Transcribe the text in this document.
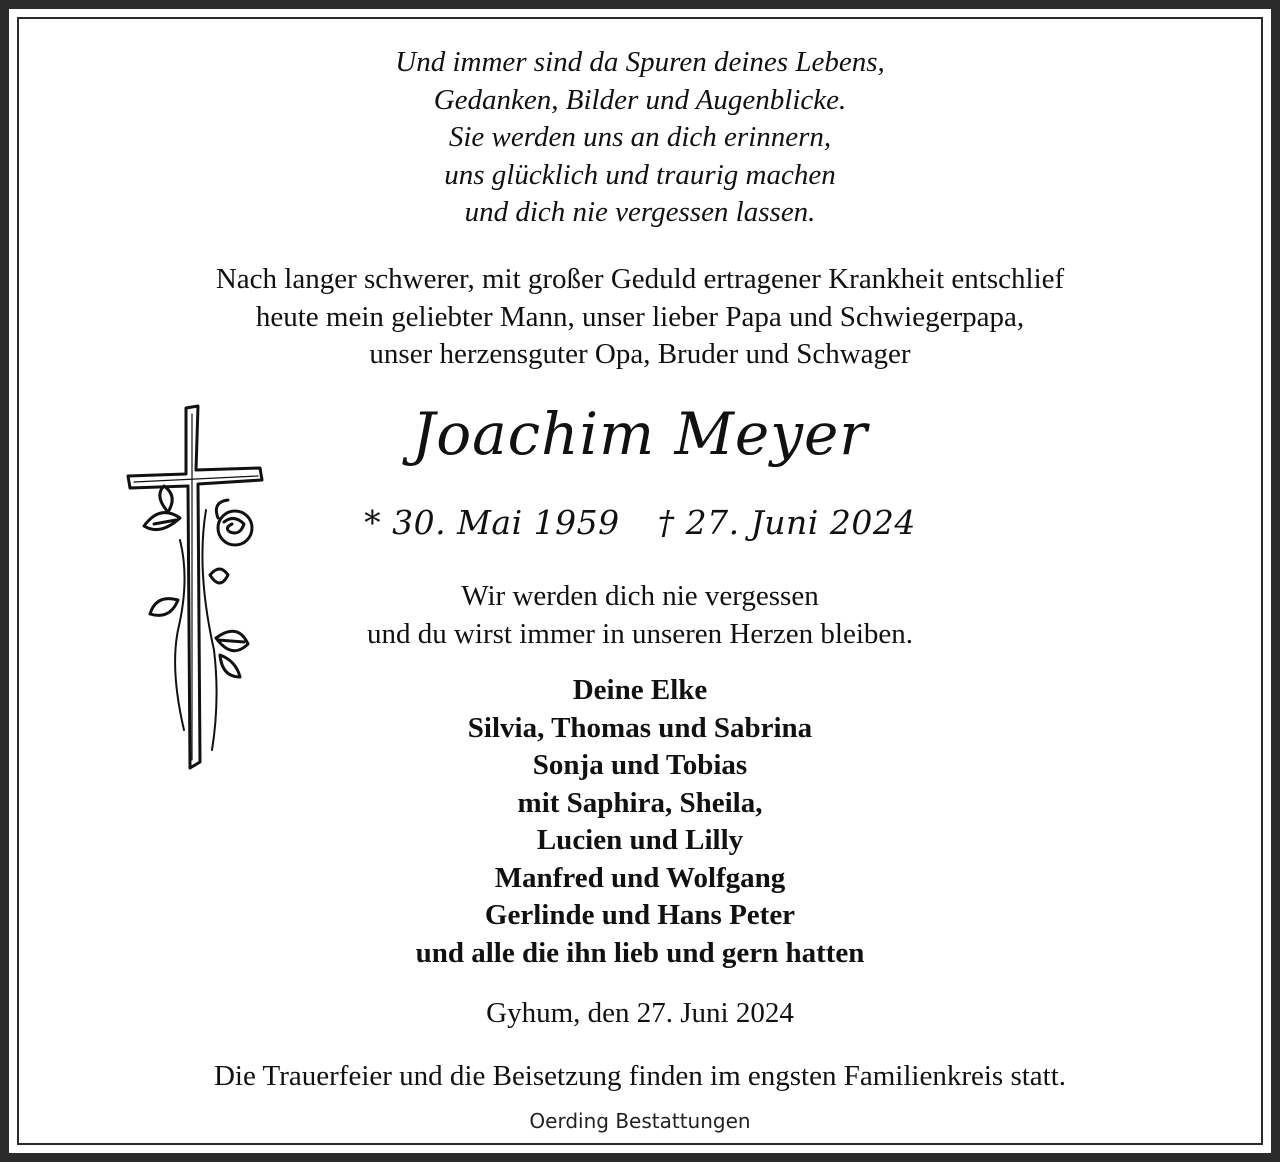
Und immer sind da Spuren deines Lebens,
Gedanken, Bilder und Augenblicke.
Sie werden uns an dich erinnern,
uns glücklich und traurig machen
und dich nie vergessen lassen.
Nach langer schwerer, mit großer Geduld ertragener Krankheit entschlief
heute mein geliebter Mann, unser lieber Papa und Schwiegerpapa,
unser herzensguter Opa, Bruder und Schwager
Joachim Meyer
* 30. Mai 1959 † 27. Juni 2024
Wir werden dich nie vergessen
und du wirst immer in unseren Herzen bleiben.
Deine Elke
Silvia, Thomas und Sabrina
Sonja und Tobias
mit Saphira, Sheila,
Lucien und Lilly
Manfred und Wolfgang
Gerlinde und Hans Peter
und alle die ihn lieb und gern hatten
Gyhum, den 27. Juni 2024
Die Trauerfeier und die Beisetzung finden im engsten Familienkreis statt.
Oerding Bestattungen
